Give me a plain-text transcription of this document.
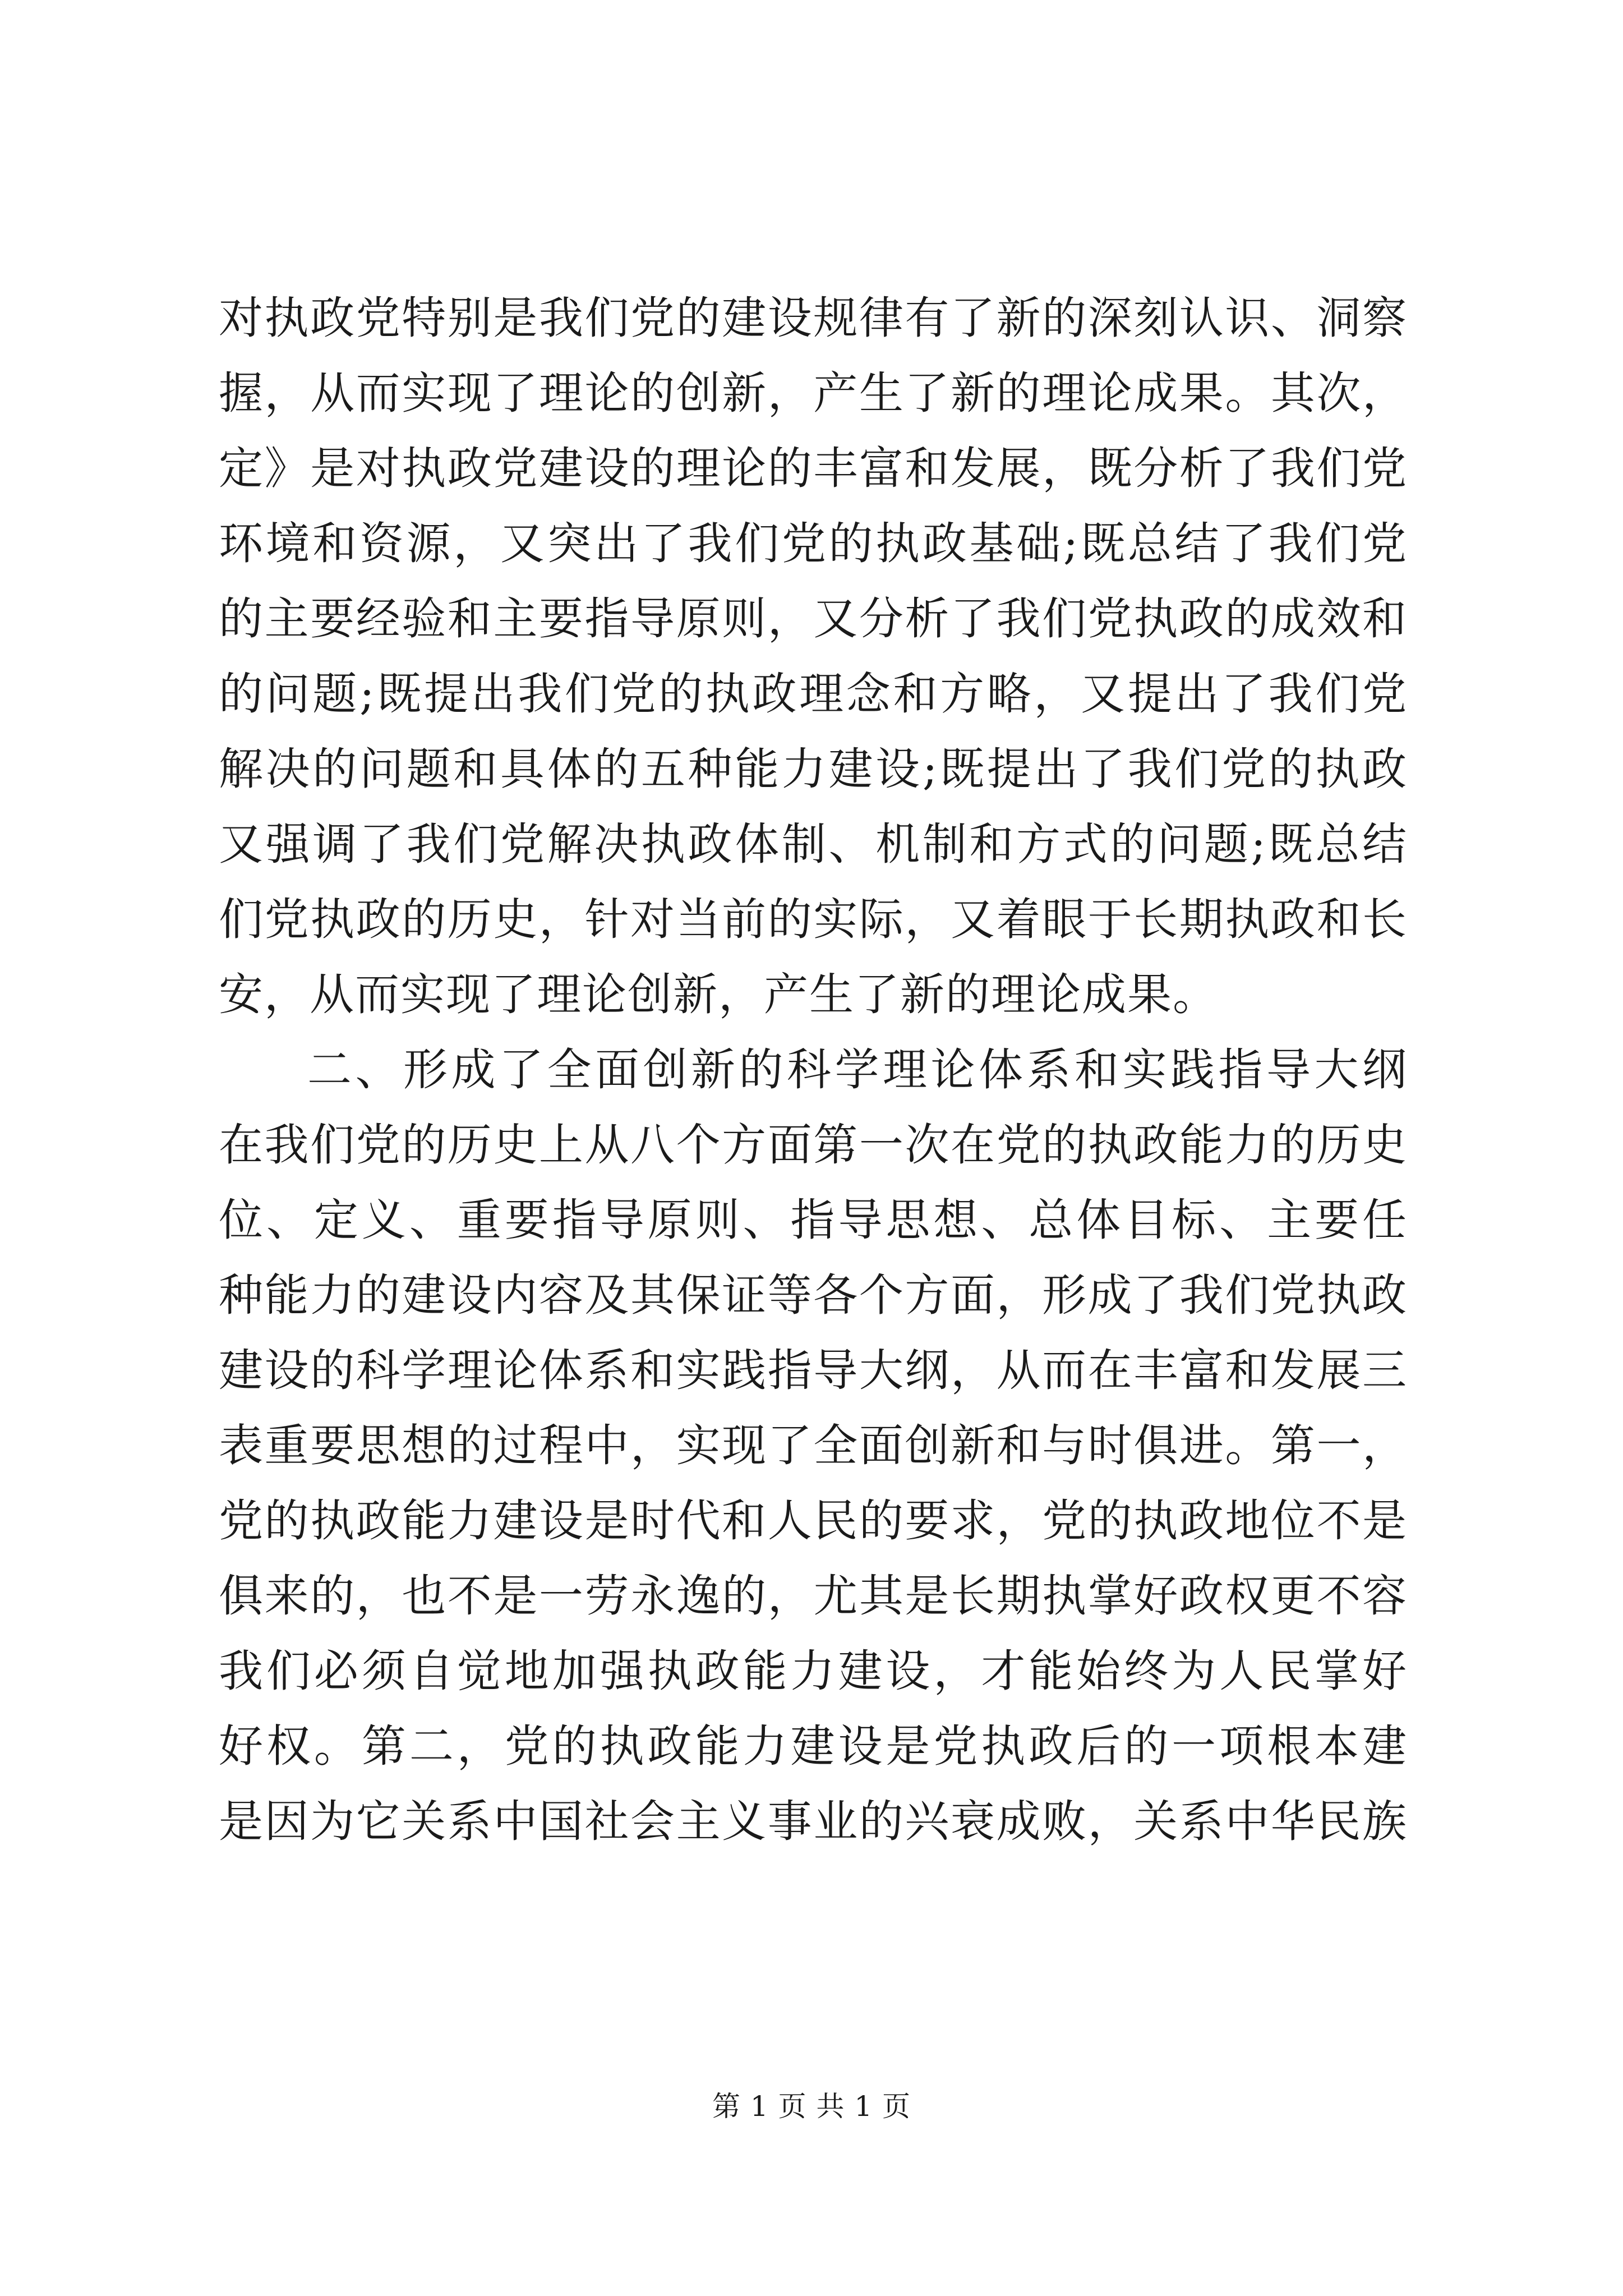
对执政党特别是我们党的建设规律有了新的深刻认识、洞察
握，从而实现了理论的创新，产生了新的理论成果。其次，
定》是对执政党建设的理论的丰富和发展，既分析了我们党
环境和资源，又突出了我们党的执政基础;既总结了我们党
的主要经验和主要指导原则，又分析了我们党执政的成效和
的问题;既提出我们党的执政理念和方略，又提出了我们党
解决的问题和具体的五种能力建设;既提出了我们党的执政
又强调了我们党解决执政体制、机制和方式的问题;既总结
们党执政的历史，针对当前的实际，又着眼于长期执政和长
安，从而实现了理论创新，产生了新的理论成果。
二、形成了全面创新的科学理论体系和实践指导大纲
在我们党的历史上从八个方面第一次在党的执政能力的历史
位、定义、重要指导原则、指导思想、总体目标、主要任
种能力的建设内容及其保证等各个方面，形成了我们党执政
建设的科学理论体系和实践指导大纲，从而在丰富和发展三
表重要思想的过程中，实现了全面创新和与时俱进。第一，
党的执政能力建设是时代和人民的要求，党的执政地位不是
俱来的，也不是一劳永逸的，尤其是长期执掌好政权更不容
我们必须自觉地加强执政能力建设，才能始终为人民掌好
好权。第二，党的执政能力建设是党执政后的一项根本建
是因为它关系中国社会主义事业的兴衰成败，关系中华民族
第 1 页 共 1 页
